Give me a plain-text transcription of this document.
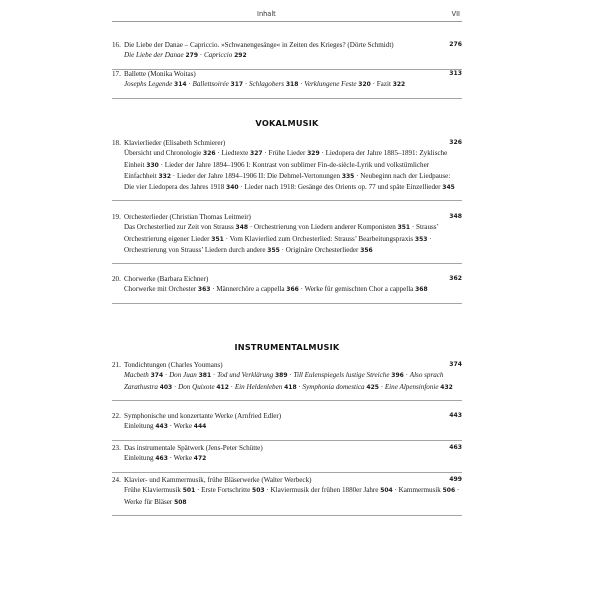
Inhalt	VII
16. Die Liebe der Danae – Capriccio. »Schwanengesänge« in Zeiten des Krieges? (Dörte Schmidt)	276
Die Liebe der Danae 279 · Capriccio 292
17. Ballette (Monika Woitas)	313
Josephs Legende 314 · Ballettsoirée 317 · Schlagobers 318 · Verklungene Feste 320 · Fazit 322
VOKALMUSIK
18. Klavierlieder (Elisabeth Schmierer)	326
Übersicht und Chronologie 326 · Liedtexte 327 · Frühe Lieder 329 · Liedopera der Jahre 1885–1891: Zyklische Einheit 330 · Lieder der Jahre 1894–1906 I: Kontrast von sublimer Fin-de-siècle-Lyrik und volkstümlicher Einfachheit 332 · Lieder der Jahre 1894–1906 II: Die Dehmel-Vertonungen 335 · Neubeginn nach der Liedpause: Die vier Liedopera des Jahres 1918 340 · Lieder nach 1918: Gesänge des Orients op. 77 und späte Einzellieder 345
19. Orchesterlieder (Christian Thomas Leitmeir)	348
Das Orchesterlied zur Zeit von Strauss 348 · Orchestrierung von Liedern anderer Komponisten 351 · Strauss’ Orchestrierung eigener Lieder 351 · Vom Klavierlied zum Orchesterlied: Strauss’ Bearbeitungspraxis 353 · Orchestrierung von Strauss’ Liedern durch andere 355 · Originäre Orchesterlieder 356
20. Chorwerke (Barbara Eichner)	362
Chorwerke mit Orchester 363 · Männerchöre a cappella 366 · Werke für gemischten Chor a cappella 368
INSTRUMENTALMUSIK
21. Tondichtungen (Charles Youmans)	374
Macbeth 374 · Don Juan 381 · Tod und Verklärung 389 · Till Eulenspiegels lustige Streiche 396 · Also sprach Zarathustra 403 · Don Quixote 412 · Ein Heldenleben 418 · Symphonia domestica 425 · Eine Alpensinfonie 432
22. Symphonische und konzertante Werke (Arnfried Edler)	443
Einleitung 443 · Werke 444
23. Das instrumentale Spätwerk (Jens-Peter Schütte)	463
Einleitung 463 · Werke 472
24. Klavier- und Kammermusik, frühe Bläserwerke (Walter Werbeck)	499
Frühe Klaviermusik 501 · Erste Fortschritte 503 · Klaviermusik der frühen 1880er Jahre 504 · Kammermusik 506 · Werke für Bläser 508
